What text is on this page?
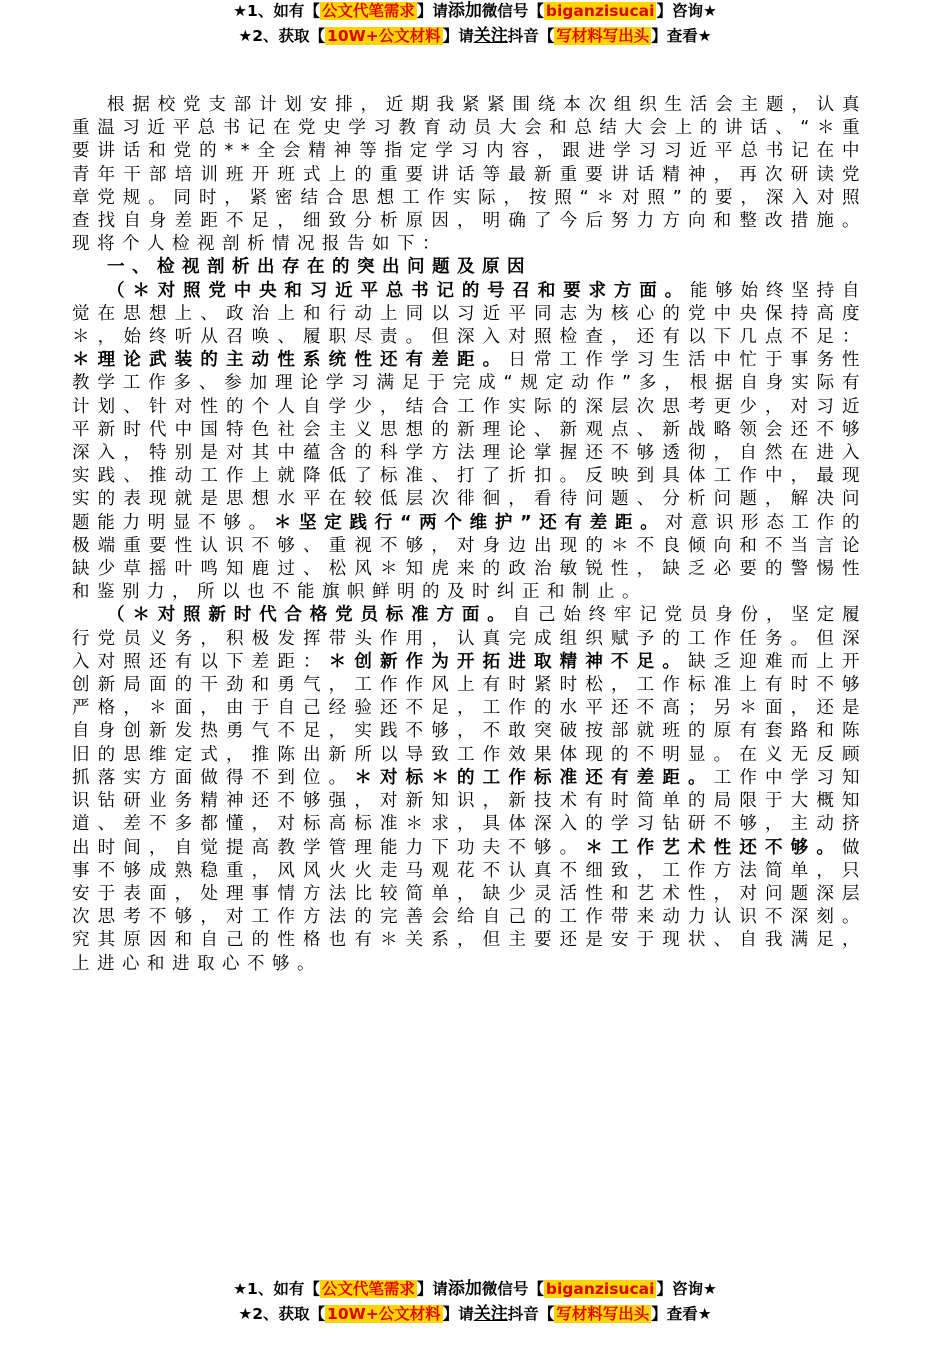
★1、如有【 公文代笔需求 】请添加微信号【 biganzisucai 】咨询★
★2、获取【 10W+公文材料 】请关注抖音【 写材料写出头 】查看★

根据校党支部计划安排，近期我紧紧围绕本次组织生活会主题，认真重温习近平总书记在党史学习教育动员大会和总结大会上的讲话、“＊重要讲话和党的**全会精神等指定学习内容，跟进学习习近平总书记在中青年干部培训班开班式上的重要讲话等最新重要讲话精神，再次研读党章党规。同时，紧密结合思想工作实际，按照“＊对照”的要，深入对照查找自身差距不足，细致分析原因，明确了今后努力方向和整改措施。现将个人检视剖析情况报告如下：

一、检视剖析出存在的突出问题及原因

（＊对照党中央和习近平总书记的号召和要求方面。能够始终坚持自觉在思想上、政治上和行动上同以习近平同志为核心的党中央保持高度＊，始终听从召唤、履职尽责。但深入对照检查，还有以下几点不足：＊理论武装的主动性系统性还有差距。日常工作学习生活中忙于事务性教学工作多、参加理论学习满足于完成“规定动作”多，根据自身实际有计划、针对性的个人自学少，结合工作实际的深层次思考更少，对习近平新时代中国特色社会主义思想的新理论、新观点、新战略领会还不够深入，特别是对其中蕴含的科学方法理论掌握还不够透彻，自然在进入实践、推动工作上就降低了标准、打了折扣。反映到具体工作中，最现实的表现就是思想水平在较低层次徘徊，看待问题、分析问题，解决问题能力明显不够。＊坚定践行“两个维护”还有差距。对意识形态工作的极端重要性认识不够、重视不够，对身边出现的＊不良倾向和不当言论缺少草摇叶鸣知鹿过、松风＊知虎来的政治敏锐性，缺乏必要的警惕性和鉴别力，所以也不能旗帜鲜明的及时纠正和制止。

（＊对照新时代合格党员标准方面。自己始终牢记党员身份，坚定履行党员义务，积极发挥带头作用，认真完成组织赋予的工作任务。但深入对照还有以下差距：＊创新作为开拓进取精神不足。缺乏迎难而上开创新局面的干劲和勇气，工作作风上有时紧时松，工作标准上有时不够严格，＊面，由于自己经验还不足，工作的水平还不高；另＊面，还是自身创新发热勇气不足，实践不够，不敢突破按部就班的原有套路和陈旧的思维定式，推陈出新所以导致工作效果体现的不明显。在义无反顾抓落实方面做得不到位。＊对标＊的工作标准还有差距。工作中学习知识钻研业务精神还不够强，对新知识，新技术有时简单的局限于大概知道、差不多都懂，对标高标准＊求，具体深入的学习钻研不够，主动挤出时间，自觉提高教学管理能力下功夫不够。＊工作艺术性还不够。做事不够成熟稳重，风风火火走马观花不认真不细致，工作方法简单，只安于表面，处理事情方法比较简单，缺少灵活性和艺术性，对问题深层次思考不够，对工作方法的完善会给自己的工作带来动力认识不深刻。究其原因和自己的性格也有＊关系，但主要还是安于现状、自我满足，上进心和进取心不够。

★1、如有【 公文代笔需求 】请添加微信号【 biganzisucai 】咨询★
★2、获取【 10W+公文材料 】请关注抖音【 写材料写出头 】查看★
